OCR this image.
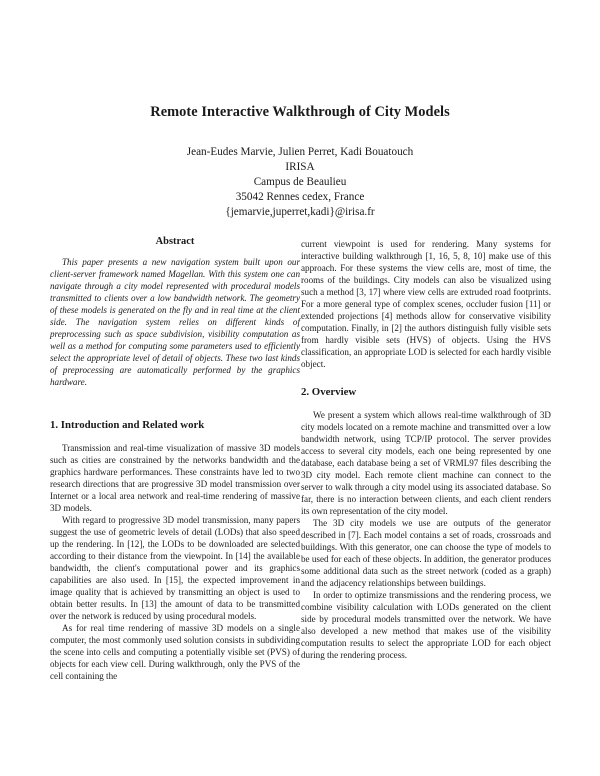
Remote Interactive Walkthrough of City Models
Jean-Eudes Marvie, Julien Perret, Kadi Bouatouch
IRISA
Campus de Beaulieu
35042 Rennes cedex, France
{jemarvie,juperret,kadi}@irisa.fr
Abstract

This paper presents a new navigation system built upon our client-server framework named Magellan. With this system one can navigate through a city model represented with procedural models transmitted to clients over a low bandwidth network. The geometry of these models is generated on the fly and in real time at the client side. The navigation system relies on different kinds of preprocessing such as space subdivision, visibility computation as well as a method for computing some parameters used to efficiently select the appropriate level of detail of objects. These two last kinds of preprocessing are automatically performed by the graphics hardware.

1. Introduction and Related work

Transmission and real-time visualization of massive 3D models such as cities are constrained by the networks bandwidth and the graphics hardware performances. These constraints have led to two research directions that are progressive 3D model transmission over Internet or a local area network and real-time rendering of massive 3D models.

With regard to progressive 3D model transmission, many papers suggest the use of geometric levels of detail (LODs) that also speed up the rendering. In [12], the LODs to be downloaded are selected according to their distance from the viewpoint. In [14] the available bandwidth, the client's computational power and its graphics capabilities are also used. In [15], the expected improvement in image quality that is achieved by transmitting an object is used to obtain better results. In [13] the amount of data to be transmitted over the network is reduced by using procedural models.

As for real time rendering of massive 3D models on a single computer, the most commonly used solution consists in subdividing the scene into cells and computing a potentially visible set (PVS) of objects for each view cell. During walkthrough, only the PVS of the cell containing the

current viewpoint is used for rendering. Many systems for interactive building walkthrough [1, 16, 5, 8, 10] make use of this approach. For these systems the view cells are, most of time, the rooms of the buildings. City models can also be visualized using such a method [3, 17] where view cells are extruded road footprints. For a more general type of complex scenes, occluder fusion [11] or extended projections [4] methods allow for conservative visibility computation. Finally, in [2] the authors distinguish fully visible sets from hardly visible sets (HVS) of objects. Using the HVS classification, an appropriate LOD is selected for each hardly visible object.

2. Overview

We present a system which allows real-time walkthrough of 3D city models located on a remote machine and transmitted over a low bandwidth network, using TCP/IP protocol. The server provides access to several city models, each one being represented by one database, each database being a set of VRML97 files describing the 3D city model. Each remote client machine can connect to the server to walk through a city model using its associated database. So far, there is no interaction between clients, and each client renders its own representation of the city model.

The 3D city models we use are outputs of the generator described in [7]. Each model contains a set of roads, crossroads and buildings. With this generator, one can choose the type of models to be used for each of these objects. In addition, the generator produces some additional data such as the street network (coded as a graph) and the adjacency relationships between buildings.

In order to optimize transmissions and the rendering process, we combine visibility calculation with LODs generated on the client side by procedural models transmitted over the network. We have also developed a new method that makes use of the visibility computation results to select the appropriate LOD for each object during the rendering process.
